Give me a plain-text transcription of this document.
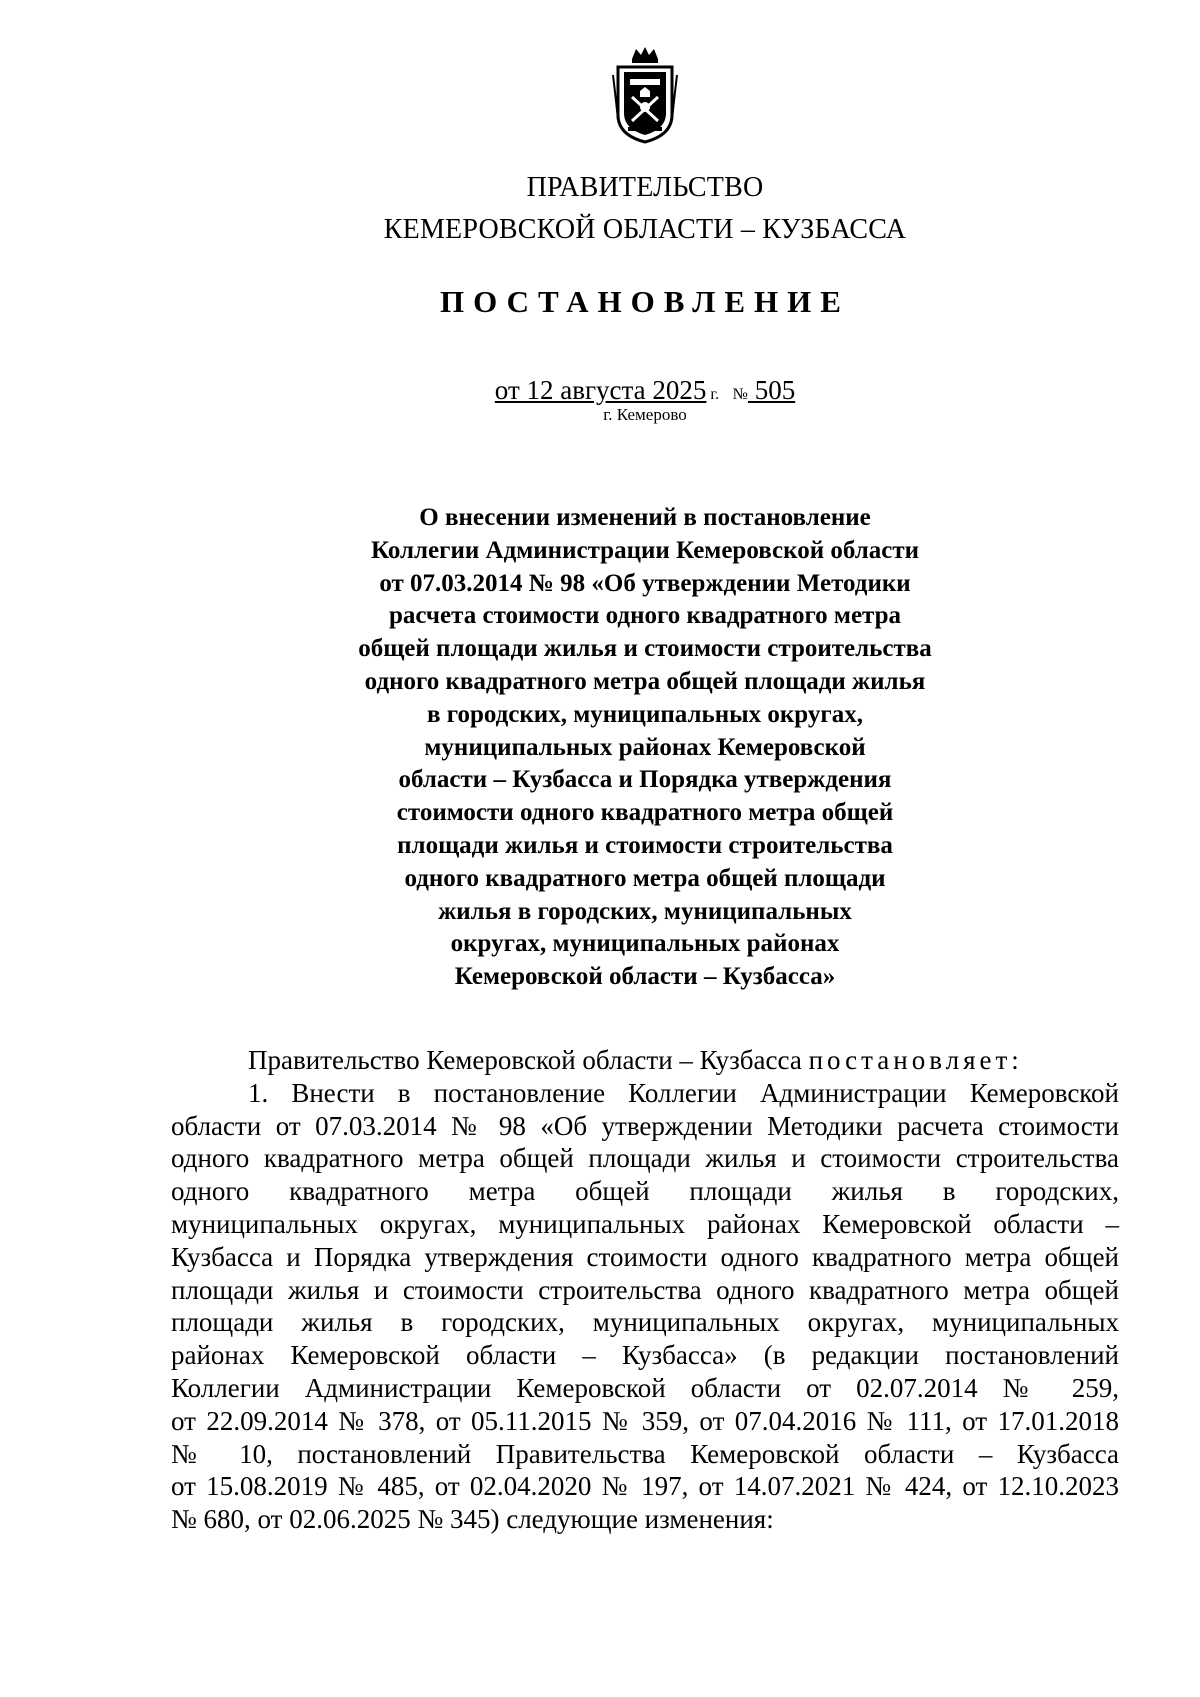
ПРАВИТЕЛЬСТВО
КЕМЕРОВСКОЙ ОБЛАСТИ – КУЗБАССА
ПОСТАНОВЛЕНИЕ
от 12 августа 2025 г. № 505
г. Кемерово
О внесении изменений в постановление
Коллегии Администрации Кемеровской области
от 07.03.2014 № 98 «Об утверждении Методики
расчета стоимости одного квадратного метра
общей площади жилья и стоимости строительства
одного квадратного метра общей площади жилья
в городских, муниципальных округах,
муниципальных районах Кемеровской
области – Кузбасса и Порядка утверждения
стоимости одного квадратного метра общей
площади жилья и стоимости строительства
одного квадратного метра общей площади
жилья в городских, муниципальных
округах, муниципальных районах
Кемеровской области – Кузбасса»
Правительство Кемеровской области – Кузбасса постановляет:
1. Внести в постановление Коллегии Администрации Кемеровской
области от 07.03.2014 № 98 «Об утверждении Методики расчета стоимости
одного квадратного метра общей площади жилья и стоимости строительства
одного квадратного метра общей площади жилья в городских,
муниципальных округах, муниципальных районах Кемеровской области –
Кузбасса и Порядка утверждения стоимости одного квадратного метра общей
площади жилья и стоимости строительства одного квадратного метра общей
площади жилья в городских, муниципальных округах, муниципальных
районах Кемеровской области – Кузбасса» (в редакции постановлений
Коллегии Администрации Кемеровской области от 02.07.2014 № 259,
от 22.09.2014 № 378, от 05.11.2015 № 359, от 07.04.2016 № 111, от 17.01.2018
№ 10, постановлений Правительства Кемеровской области – Кузбасса
от 15.08.2019 № 485, от 02.04.2020 № 197, от 14.07.2021 № 424, от 12.10.2023
№ 680, от 02.06.2025 № 345) следующие изменения:
